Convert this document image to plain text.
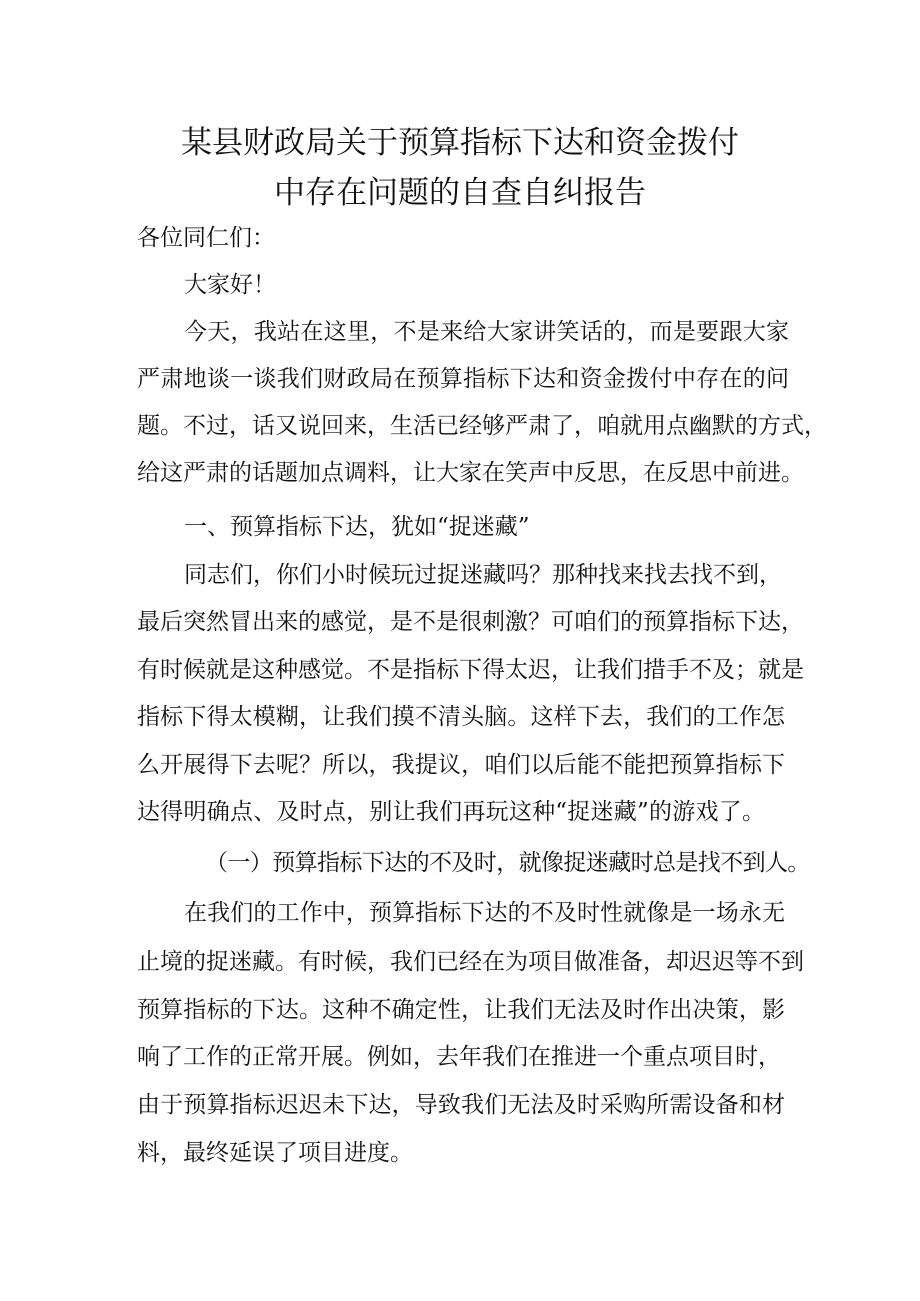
某县财政局关于预算指标下达和资金拨付
中存在问题的自查自纠报告
各位同仁们：
大家好！
今天，我站在这里，不是来给大家讲笑话的，而是要跟大家
严肃地谈一谈我们财政局在预算指标下达和资金拨付中存在的问
题。不过，话又说回来，生活已经够严肃了，咱就用点幽默的方式，
给这严肃的话题加点调料，让大家在笑声中反思，在反思中前进。
一、预算指标下达，犹如“捉迷藏”
同志们，你们小时候玩过捉迷藏吗？那种找来找去找不到，
最后突然冒出来的感觉，是不是很刺激？可咱们的预算指标下达，
有时候就是这种感觉。不是指标下得太迟，让我们措手不及；就是
指标下得太模糊，让我们摸不清头脑。这样下去，我们的工作怎
么开展得下去呢？所以，我提议，咱们以后能不能把预算指标下
达得明确点、及时点，别让我们再玩这种“捉迷藏”的游戏了。
（一）预算指标下达的不及时，就像捉迷藏时总是找不到人。
在我们的工作中，预算指标下达的不及时性就像是一场永无
止境的捉迷藏。有时候，我们已经在为项目做准备，却迟迟等不到
预算指标的下达。这种不确定性，让我们无法及时作出决策，影
响了工作的正常开展。例如，去年我们在推进一个重点项目时，
由于预算指标迟迟未下达，导致我们无法及时采购所需设备和材
料，最终延误了项目进度。
